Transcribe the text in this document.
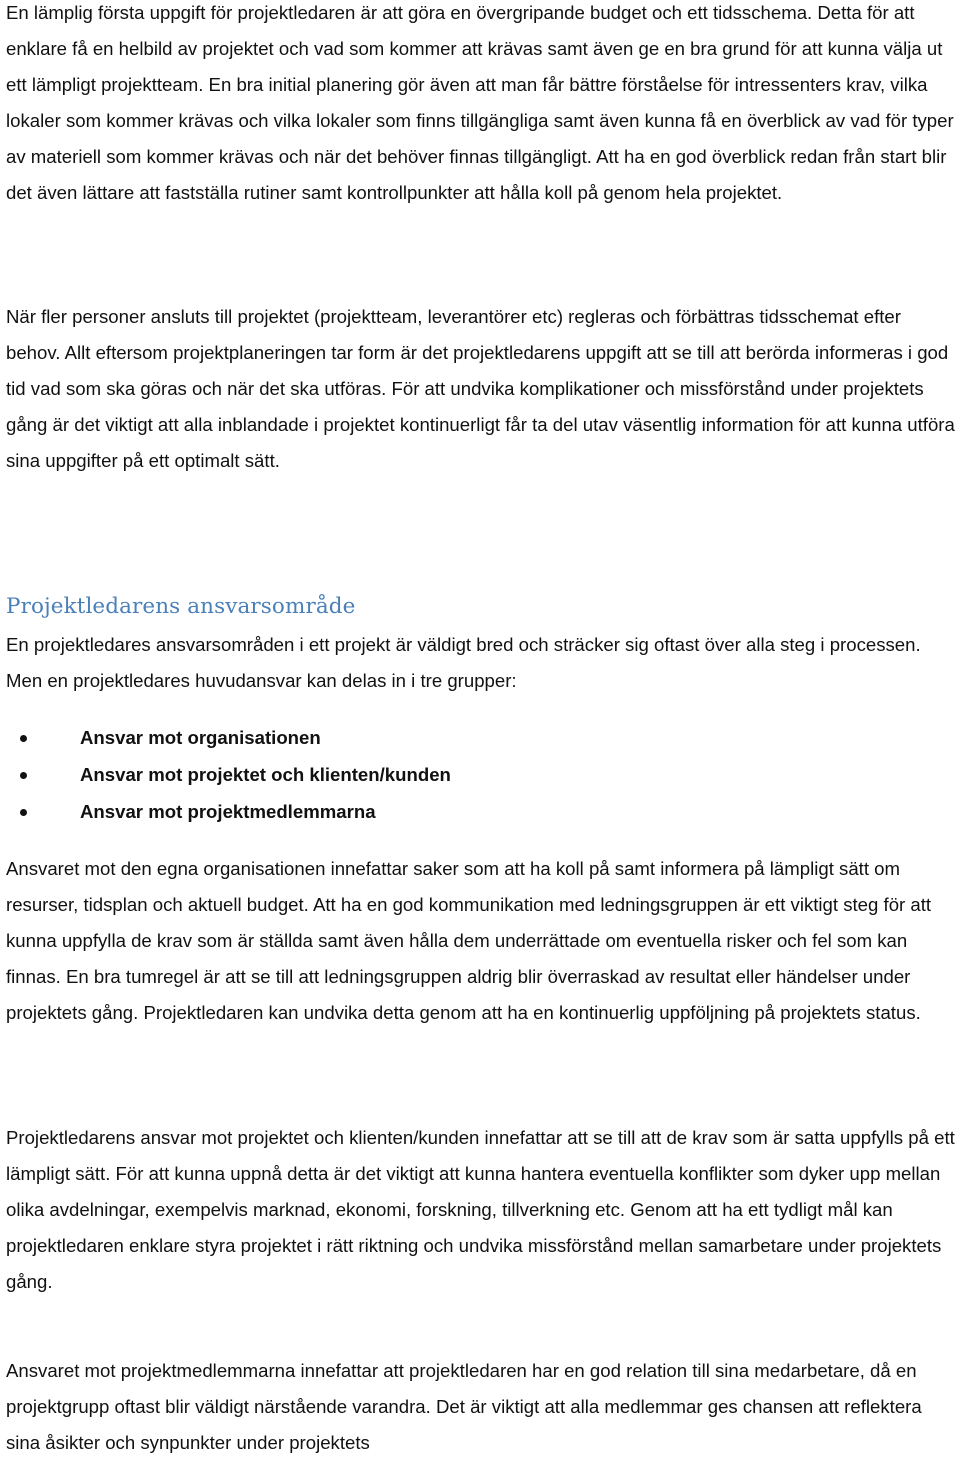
En lämplig första uppgift för projektledaren är att göra en övergripande budget och ett tidsschema. Detta för att enklare få en helbild av projektet och vad som kommer att krävas samt även ge en bra grund för att kunna välja ut ett lämpligt projektteam. En bra initial planering gör även att man får bättre förståelse för intressenters krav, vilka lokaler som kommer krävas och vilka lokaler som finns tillgängliga samt även kunna få en överblick av vad för typer av materiell som kommer krävas och när det behöver finnas tillgängligt. Att ha en god överblick redan från start blir det även lättare att fastställa rutiner samt kontrollpunkter att hålla koll på genom hela projektet.

När fler personer ansluts till projektet (projektteam, leverantörer etc) regleras och förbättras tidsschemat efter behov. Allt eftersom projektplaneringen tar form är det projektledarens uppgift att se till att berörda informeras i god tid vad som ska göras och när det ska utföras. För att undvika komplikationer och missförstånd under projektets gång är det viktigt att alla inblandade i projektet kontinuerligt får ta del utav väsentlig information för att kunna utföra sina uppgifter på ett optimalt sätt.

Projektledarens ansvarsområde

En projektledares ansvarsområden i ett projekt är väldigt bred och sträcker sig oftast över alla steg i processen. Men en projektledares huvudansvar kan delas in i tre grupper:

Ansvar mot organisationen
Ansvar mot projektet och klienten/kunden
Ansvar mot projektmedlemmarna

Ansvaret mot den egna organisationen innefattar saker som att ha koll på samt informera på lämpligt sätt om resurser, tidsplan och aktuell budget. Att ha en god kommunikation med ledningsgruppen är ett viktigt steg för att kunna uppfylla de krav som är ställda samt även hålla dem underrättade om eventuella risker och fel som kan finnas. En bra tumregel är att se till att ledningsgruppen aldrig blir överraskad av resultat eller händelser under projektets gång. Projektledaren kan undvika detta genom att ha en kontinuerlig uppföljning på projektets status.

Projektledarens ansvar mot projektet och klienten/kunden innefattar att se till att de krav som är satta uppfylls på ett lämpligt sätt. För att kunna uppnå detta är det viktigt att kunna hantera eventuella konflikter som dyker upp mellan olika avdelningar, exempelvis marknad, ekonomi, forskning, tillverkning etc. Genom att ha ett tydligt mål kan projektledaren enklare styra projektet i rätt riktning och undvika missförstånd mellan samarbetare under projektets gång.

Ansvaret mot projektmedlemmarna innefattar att projektledaren har en god relation till sina medarbetare, då en projektgrupp oftast blir väldigt närstående varandra. Det är viktigt att alla medlemmar ges chansen att reflektera sina åsikter och synpunkter under projektets
